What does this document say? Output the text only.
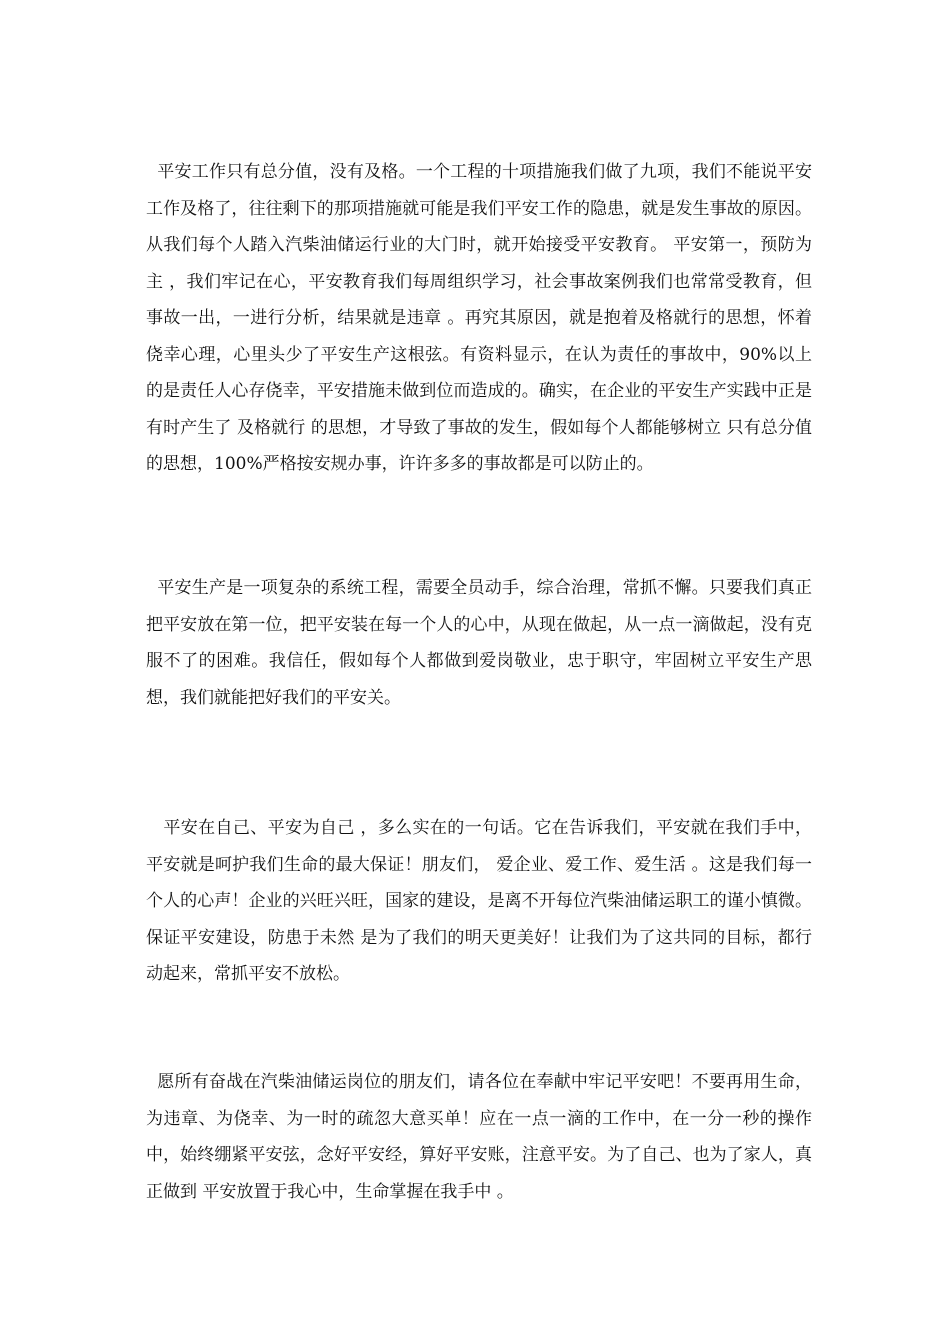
平安工作只有总分值，没有及格。一个工程的十项措施我们做了九项，我们不能说平安工作及格了，往往剩下的那项措施就可能是我们平安工作的隐患，就是发生事故的原因。从我们每个人踏入汽柴油储运行业的大门时，就开始接受平安教育。 平安第一，预防为主 ，我们牢记在心，平安教育我们每周组织学习，社会事故案例我们也常常受教育，但事故一出，一进行分析，结果就是违章 。再究其原因，就是抱着及格就行的思想，怀着侥幸心理，心里头少了平安生产这根弦。有资料显示，在认为责任的事故中，90%以上的是责任人心存侥幸，平安措施未做到位而造成的。确实，在企业的平安生产实践中正是有时产生了 及格就行 的思想，才导致了事故的发生，假如每个人都能够树立 只有总分值 的思想，100%严格按安规办事，许许多多的事故都是可以防止的。

平安生产是一项复杂的系统工程，需要全员动手，综合治理，常抓不懈。只要我们真正把平安放在第一位，把平安装在每一个人的心中，从现在做起，从一点一滴做起，没有克服不了的困难。我信任，假如每个人都做到爱岗敬业，忠于职守，牢固树立平安生产思想，我们就能把好我们的平安关。

平安在自己、平安为自己 ，多么实在的一句话。它在告诉我们，平安就在我们手中，平安就是呵护我们生命的最大保证！朋友们， 爱企业、爱工作、爱生活 。这是我们每一个人的心声！企业的兴旺兴旺，国家的建设，是离不开每位汽柴油储运职工的谨小慎微。 保证平安建设，防患于未然 是为了我们的明天更美好！让我们为了这共同的目标，都行动起来，常抓平安不放松。

愿所有奋战在汽柴油储运岗位的朋友们，请各位在奉献中牢记平安吧！不要再用生命，为违章、为侥幸、为一时的疏忽大意买单！应在一点一滴的工作中，在一分一秒的操作中，始终绷紧平安弦，念好平安经，算好平安账，注意平安。为了自己、也为了家人，真正做到 平安放置于我心中，生命掌握在我手中 。
